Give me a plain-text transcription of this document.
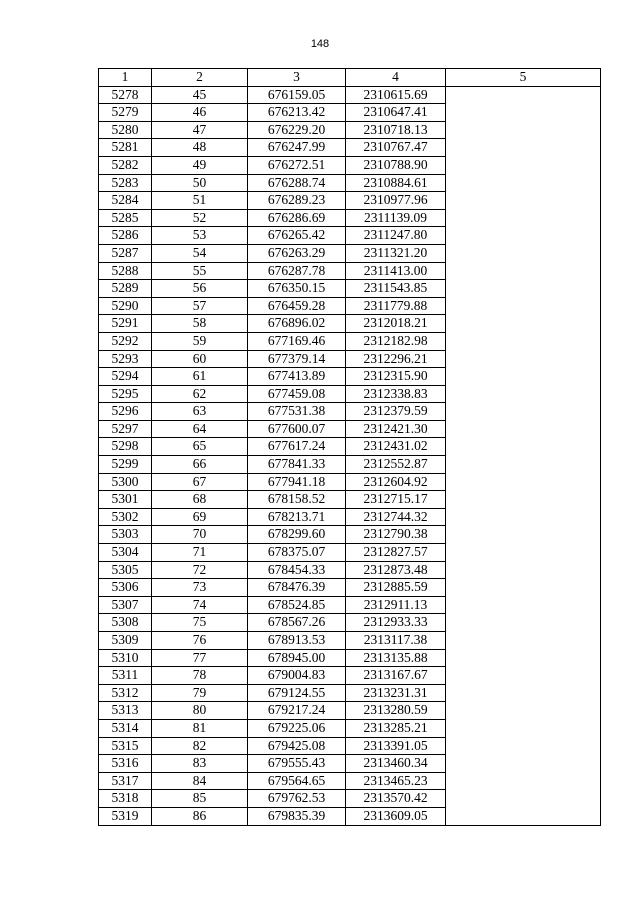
148
1	2	3	4	5
5278	45	676159.05	2310615.69	
5279	46	676213.42	2310647.41	
5280	47	676229.20	2310718.13	
5281	48	676247.99	2310767.47	
5282	49	676272.51	2310788.90	
5283	50	676288.74	2310884.61	
5284	51	676289.23	2310977.96	
5285	52	676286.69	2311139.09	
5286	53	676265.42	2311247.80	
5287	54	676263.29	2311321.20	
5288	55	676287.78	2311413.00	
5289	56	676350.15	2311543.85	
5290	57	676459.28	2311779.88	
5291	58	676896.02	2312018.21	
5292	59	677169.46	2312182.98	
5293	60	677379.14	2312296.21	
5294	61	677413.89	2312315.90	
5295	62	677459.08	2312338.83	
5296	63	677531.38	2312379.59	
5297	64	677600.07	2312421.30	
5298	65	677617.24	2312431.02	
5299	66	677841.33	2312552.87	
5300	67	677941.18	2312604.92	
5301	68	678158.52	2312715.17	
5302	69	678213.71	2312744.32	
5303	70	678299.60	2312790.38	
5304	71	678375.07	2312827.57	
5305	72	678454.33	2312873.48	
5306	73	678476.39	2312885.59	
5307	74	678524.85	2312911.13	
5308	75	678567.26	2312933.33	
5309	76	678913.53	2313117.38	
5310	77	678945.00	2313135.88	
5311	78	679004.83	2313167.67	
5312	79	679124.55	2313231.31	
5313	80	679217.24	2313280.59	
5314	81	679225.06	2313285.21	
5315	82	679425.08	2313391.05	
5316	83	679555.43	2313460.34	
5317	84	679564.65	2313465.23	
5318	85	679762.53	2313570.42	
5319	86	679835.39	2313609.05	
